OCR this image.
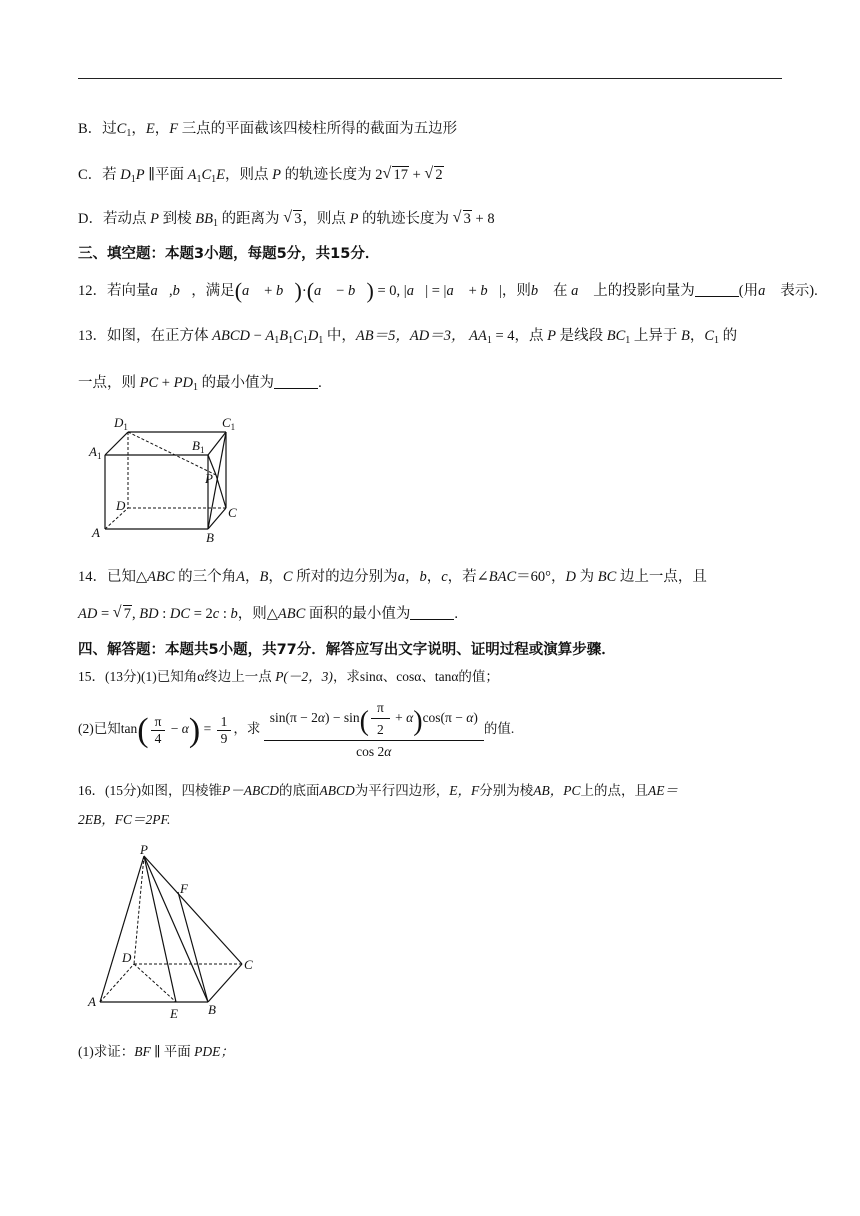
B．过$C_1$，E，F 三点的平面截该四棱柱所得的截面为五边形
C．若 $D_1P$ ∥平面 $A_1C_1E$，则点 P 的轨迹长度为 2 √ 17 + √ 2
D．若动点 P 到棱 $BB_1$ 的距离为 √ 3，则点 P 的轨迹长度为 √ 3 + 8
三、填空题：本题3小题，每题5分，共15分．
12．若向量a⃗,b⃗，满足(a⃗ + b⃗)·(a⃗ − b⃗) = 0, |a⃗| = |a⃗ + b⃗|，则b⃗ 在 a⃗ 上的投影向量为	(用a⃗ 表示).
13．如图，在正方体 ABCD − $A_1B_1C_1D_1$ 中，AB＝5，AD＝3， $AA_1 = 4$，点 P 是线段 $BC_1$ 上异于 B，$C_1$ 的
一点，则 PC + $PD_1$ 的最小值为	.
$D_1$	$C_1$
$A_1$
$B_1$
P
D	C
A	B
14．已知△ABC 的三个角A，B，C 所对的边分别为a，b，c，若∠BAC＝60°，D 为 BC 边上一点，且
AD = √ 7, BD : DC = 2c : b，则△ABC 面积的最小值为	.
四、解答题：本题共5小题，共77分．解答应写出文字说明、证明过程或演算步骤．
15．(13分)(1)已知角α终边上一点 P(－2，3)，求sinα、cosα、tanα的值；
(2)已知$\tan( \frac{\pi}{4} - \alpha) = \frac{1}{9}$ ，求 $\frac{\sin(\pi - 2\alpha) - \sin( \frac{\pi}{2} + \alpha)\cos(\pi - \alpha)}{\cos 2\alpha}$ 的值.
16．(15分)如图，四棱锥P－ABCD的底面ABCD为平行四边形，E，F分别为棱AB，PC上的点，且AE＝
2EB，FC＝2PF.
P
F
D	C
A
E B
(1)求证：BF ∥ 平面 PDE；
